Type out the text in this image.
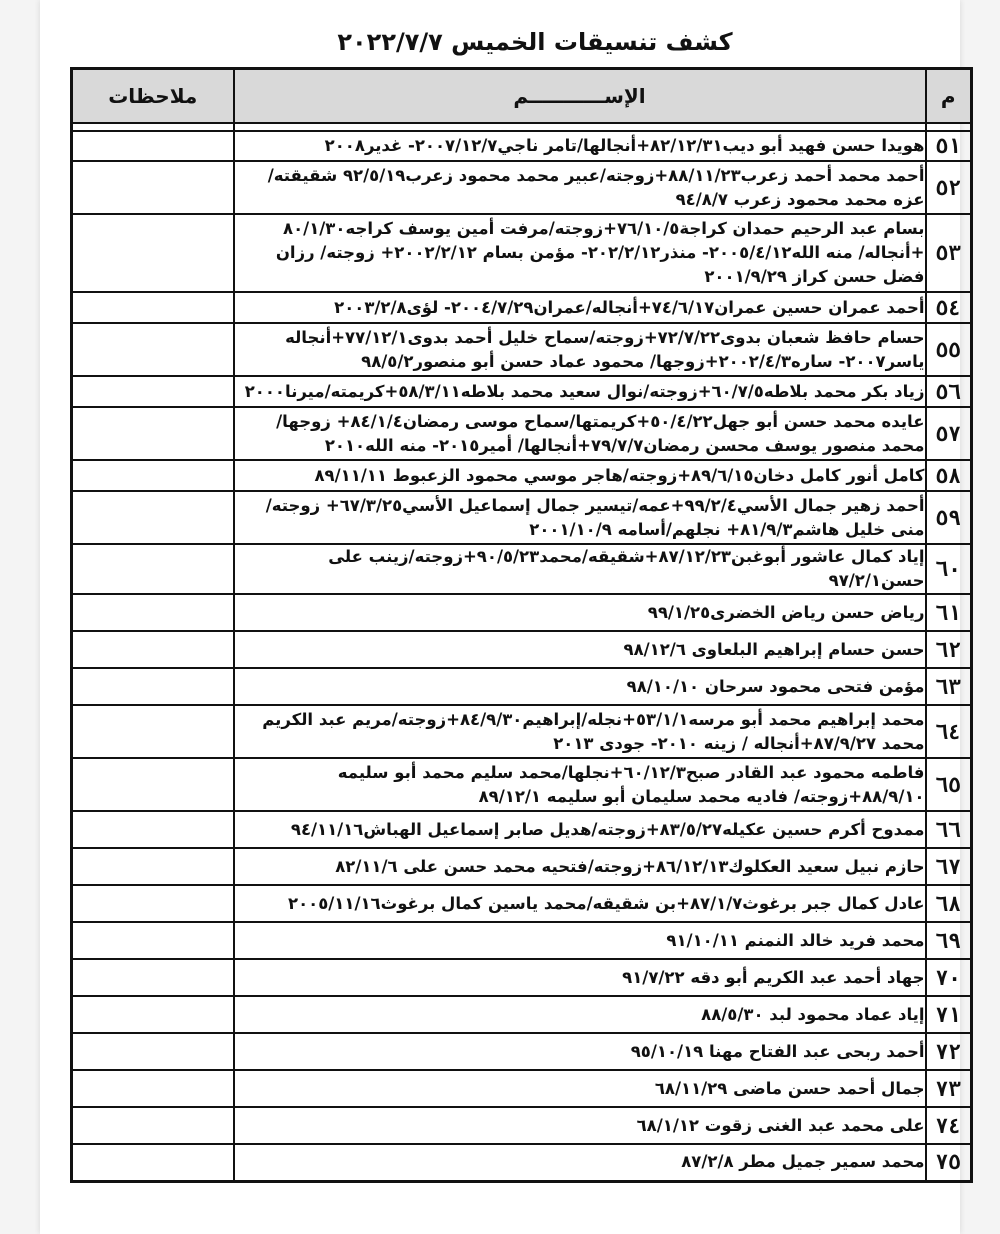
كشف تنسيقات الخميس ٢٠٢٢/٧/٧
م	الإســـــــــــم	ملاحظات

٥١	هويدا حسن فهيد أبو ديب٨٢/١٢/٣١+أنجالها/تامر ناجي٢٠٠٧/١٢/٧- غدير٢٠٠٨	
٥٢	أحمد محمد أحمد زعرب٨٨/١١/٢٣+زوجته/عبير محمد محمود زعرب٩٢/٥/١٩ شقيقته/ عزه محمد محمود زعرب ٩٤/٨/٧	
٥٣	بسام عبد الرحيم حمدان كراجة٧٦/١٠/٥+زوجته/مرفت أمين يوسف كراجه٨٠/١/٣٠ +أنجاله/ منه الله٢٠٠٥/٤/١٢- منذر٢٠٢/٢/١٢- مؤمن بسام ٢٠٠٢/٢/١٢+ زوجته/ رزان فضل حسن كراز ٢٠٠١/٩/٢٩	
٥٤	أحمد عمران حسين عمران٧٤/٦/١٧+أنجاله/عمران٢٠٠٤/٧/٢٩- لؤى٢٠٠٣/٢/٨	
٥٥	حسام حافظ شعبان بدوى٧٢/٧/٢٢+زوجته/سماح خليل أحمد بدوى٧٧/١٢/١+أنجاله ياسر٢٠٠٧- ساره٢٠٠٢/٤/٣+زوجها/ محمود عماد حسن أبو منصور٩٨/٥/٢	
٥٦	زياد بكر محمد بلاطه٦٠/٧/٥+زوجته/نوال سعيد محمد بلاطه٥٨/٣/١١+كريمته/ميرنا٢٠٠٠	
٥٧	عايده محمد حسن أبو جهل٥٠/٤/٢٢+كريمتها/سماح موسى رمضان٨٤/١/٤+ زوجها/محمد منصور يوسف محسن رمضان٧٩/٧/٧+أنجالها/ أمير٢٠١٥- منه الله٢٠١٠	
٥٨	كامل أنور كامل دخان٨٩/٦/١٥+زوجته/هاجر موسي محمود الزعبوط ٨٩/١١/١١	
٥٩	أحمد زهير جمال الأسي٩٩/٢/٤+عمه/تيسير جمال إسماعيل الأسي٦٧/٣/٢٥+ زوجته/منى خليل هاشم٨١/٩/٣+ نجلهم/أسامه ٢٠٠١/١٠/٩	
٦٠	إياد كمال عاشور أبوغبن٨٧/١٢/٢٣+شقيقه/محمد٩٠/٥/٢٣+زوجته/زينب على حسن٩٧/٢/١	
٦١	رياض حسن رياض الخضرى٩٩/١/٢٥	
٦٢	حسن حسام إبراهيم البلعاوى ٩٨/١٢/٦	
٦٣	مؤمن فتحى محمود سرحان ٩٨/١٠/١٠	
٦٤	محمد إبراهيم محمد أبو مرسه٥٣/١/١+نجله/إبراهيم٨٤/٩/٣٠+زوجته/مريم عبد الكريم محمد ٨٧/٩/٢٧+أنجاله / زينه ٢٠١٠- جودى ٢٠١٣	
٦٥	فاطمه محمود عبد القادر صبح٦٠/١٢/٣+نجلها/محمد سليم محمد أبو سليمه ٨٨/٩/١٠+زوجته/ فاديه محمد سليمان أبو سليمه ٨٩/١٢/١	
٦٦	ممدوح أكرم حسين عكيله٨٣/٥/٢٧+زوجته/هديل صابر إسماعيل الهباش٩٤/١١/١٦	
٦٧	حازم نبيل سعيد العكلوك٨٦/١٢/١٣+زوجته/فتحيه محمد حسن على ٨٢/١١/٦	
٦٨	عادل كمال جبر برغوث٨٧/١/٧+بن شقيقه/محمد ياسين كمال برغوث٢٠٠٥/١١/١٦	
٦٩	محمد فريد خالد النمنم ٩١/١٠/١١	
٧٠	جهاد أحمد عبد الكريم أبو دقه ٩١/٧/٢٢	
٧١	إياد عماد محمود لبد ٨٨/٥/٣٠	
٧٢	أحمد ربحى عبد الفتاح مهنا ٩٥/١٠/١٩	
٧٣	جمال أحمد حسن ماضى ٦٨/١١/٢٩	
٧٤	على محمد عبد الغنى زقوت ٦٨/١/١٢	
٧٥	محمد سمير جميل مطر ٨٧/٢/٨	
